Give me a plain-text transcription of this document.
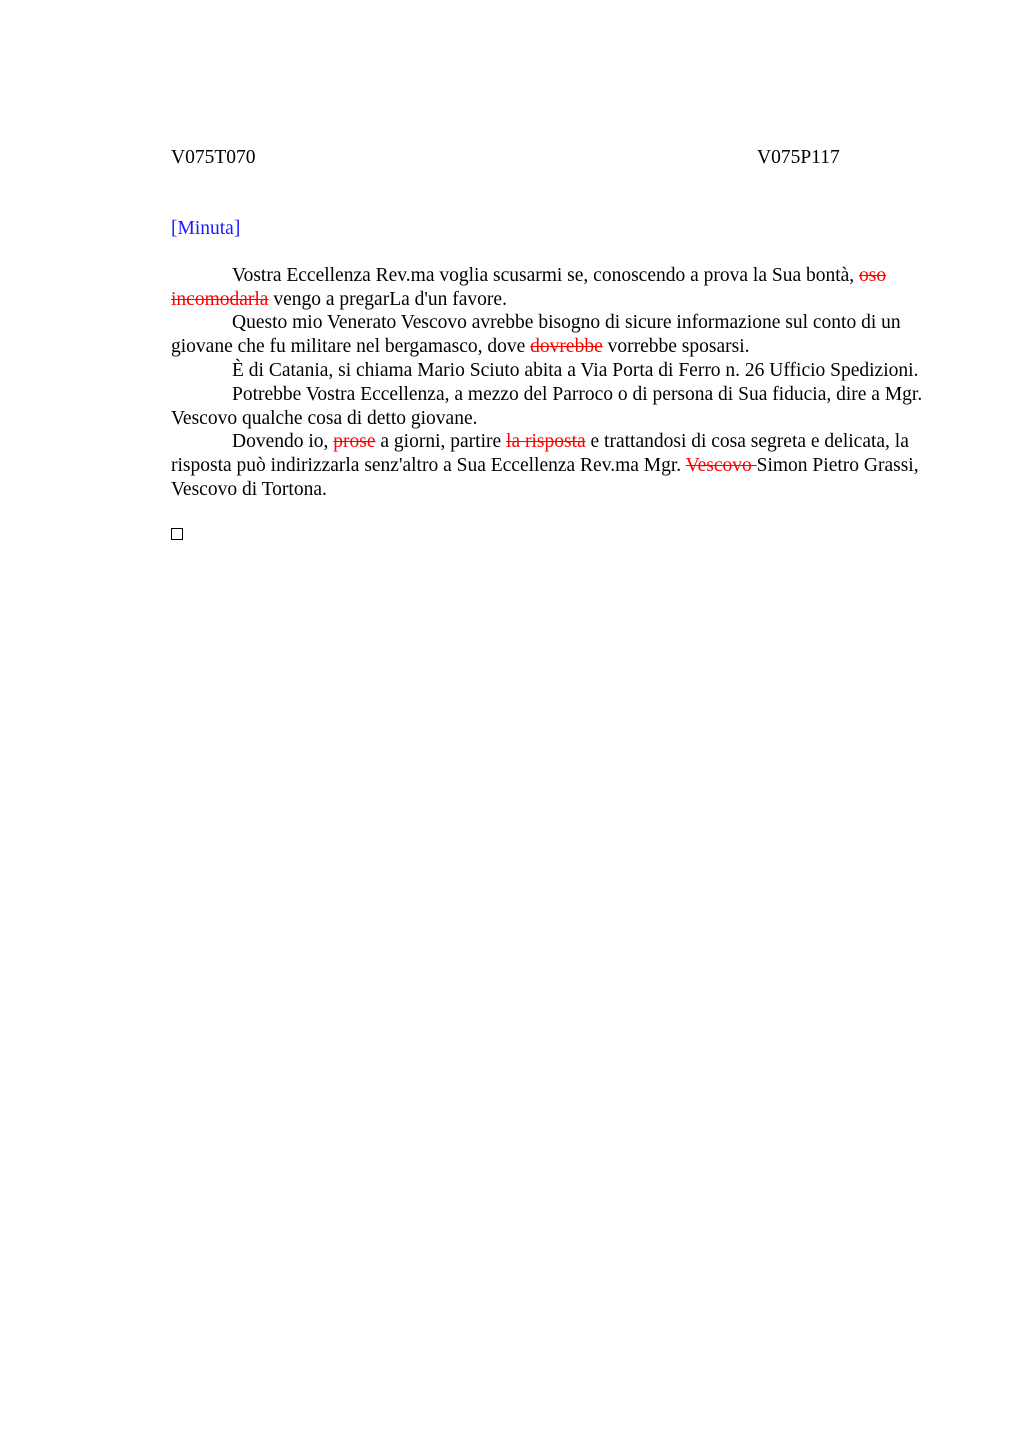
V075T070	V075P117
[Minuta]

Vostra Eccellenza Rev.ma voglia scusarmi se, conoscendo a prova la Sua bontà, oso incomodarla vengo a pregarLa d'un favore.

Questo mio Venerato Vescovo avrebbe bisogno di sicure informazione sul conto di un giovane che fu militare nel bergamasco, dove dovrebbe vorrebbe sposarsi.

È di Catania, si chiama Mario Sciuto abita a Via Porta di Ferro n. 26 Ufficio Spedizioni.

Potrebbe Vostra Eccellenza, a mezzo del Parroco o di persona di Sua fiducia, dire a Mgr. Vescovo qualche cosa di detto giovane.

Dovendo io, prose a giorni, partire la risposta e trattandosi di cosa segreta e delicata, la risposta può indirizzarla senz'altro a Sua Eccellenza Rev.ma Mgr. Vescovo Simon Pietro Grassi, Vescovo di Tortona.
